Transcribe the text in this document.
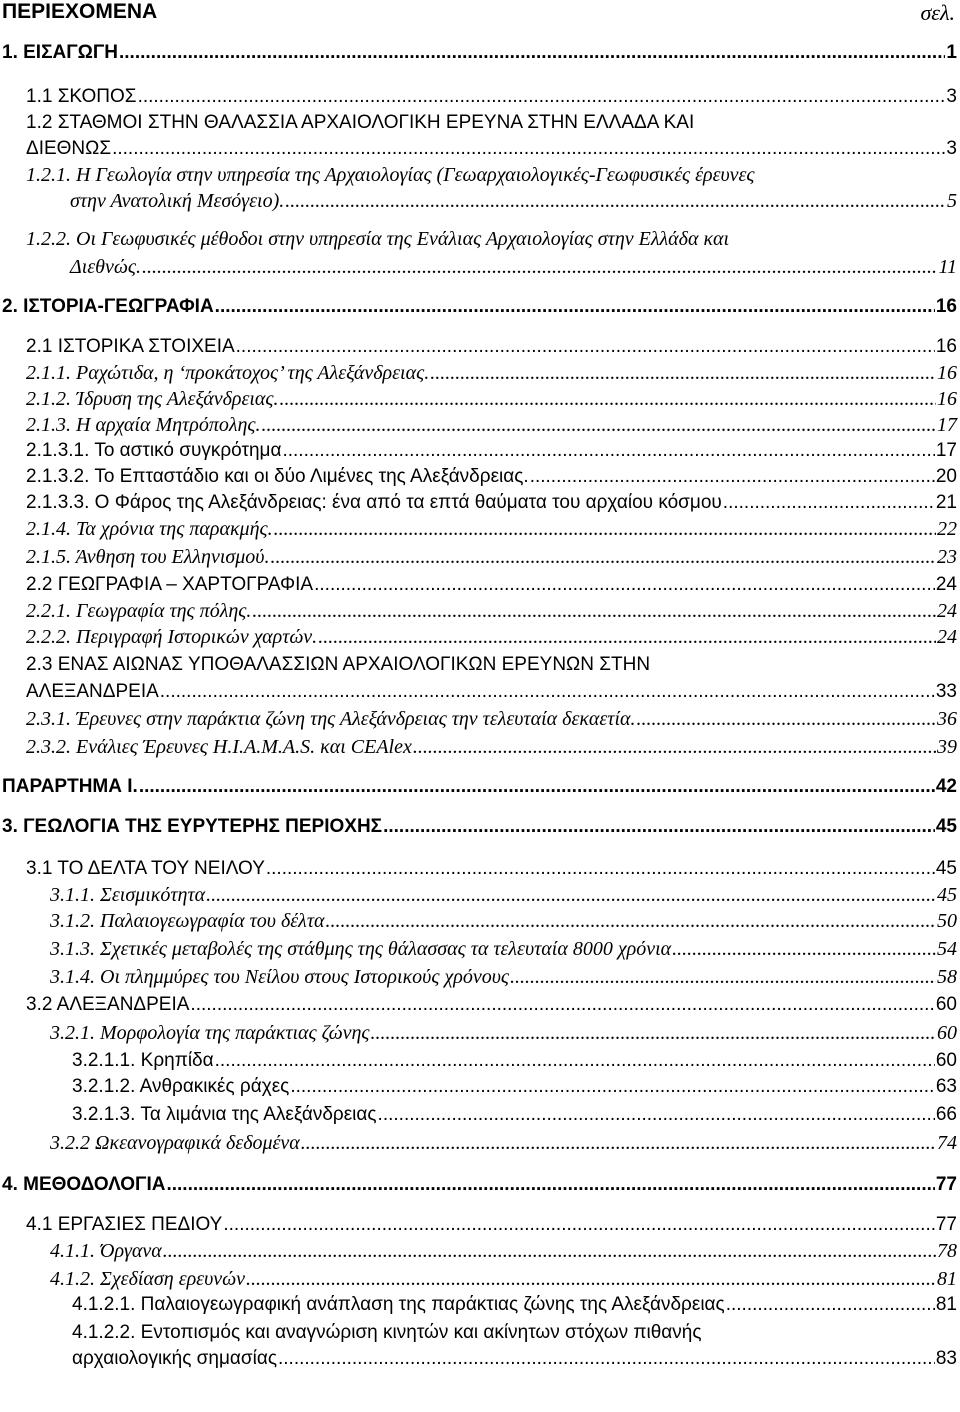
ΠΕΡΙΕΧΟΜΕΝΑ	σελ.
1. ΕΙΣΑΓΩΓΗ .....	1
1.1 ΣΚΟΠΟΣ .....	3
1.2 ΣΤΑΘΜΟΙ ΣΤΗΝ ΘΑΛΑΣΣΙΑ ΑΡΧΑΙΟΛΟΓΙΚΗ ΕΡΕΥΝΑ ΣΤΗΝ ΕΛΛΑΔΑ ΚΑΙ
ΔΙΕΘΝΩΣ .....	3
1.2.1. Η Γεωλογία στην υπηρεσία της Αρχαιολογίας (Γεωαρχαιολογικές-Γεωφυσικές έρευνες
στην Ανατολική Μεσόγειο). .....	5
1.2.2. Οι Γεωφυσικές μέθοδοι στην υπηρεσία της Ενάλιας Αρχαιολογίας στην Ελλάδα και
Διεθνώς. .....	11
2. ΙΣΤΟΡΙΑ-ΓΕΩΓΡΑΦΙΑ .....	16
2.1 ΙΣΤΟΡΙΚΑ ΣΤΟΙΧΕΙΑ .....	16
2.1.1. Ραχώτιδα, η ‘προκάτοχος’ της Αλεξάνδρειας. .....	16
2.1.2. Ίδρυση της Αλεξάνδρειας. .....	16
2.1.3. Η αρχαία Μητρόπολης. .....	17
2.1.3.1. Το αστικό συγκρότημα .....	17
2.1.3.2. Το Επταστάδιο και οι δύο Λιμένες της Αλεξάνδρειας. .....	20
2.1.3.3. Ο Φάρος της Αλεξάνδρειας: ένα από τα επτά θαύματα του αρχαίου κόσμου .....	21
2.1.4. Τα χρόνια της παρακμής. .....	22
2.1.5. Άνθηση του Ελληνισμού. .....	23
2.2 ΓΕΩΓΡΑΦΙΑ – ΧΑΡΤΟΓΡΑΦΙΑ .....	24
2.2.1. Γεωγραφία της πόλης. .....	24
2.2.2. Περιγραφή Ιστορικών χαρτών. .....	24
2.3 ΕΝΑΣ ΑΙΩΝΑΣ ΥΠΟΘΑΛΑΣΣΙΩΝ ΑΡΧΑΙΟΛΟΓΙΚΩΝ ΕΡΕΥΝΩΝ ΣΤΗΝ
ΑΛΕΞΑΝΔΡΕΙΑ .....	33
2.3.1. Έρευνες στην παράκτια ζώνη της Αλεξάνδρειας την τελευταία δεκαετία. .....	36
2.3.2. Ενάλιες Έρευνες Η.Ι.Α.Μ.Α.S. και CEAlex .....	39
ΠΑΡΑΡΤΗΜΑ Ι. .....	42
3. ΓΕΩΛΟΓΙΑ ΤΗΣ ΕΥΡΥΤΕΡΗΣ ΠΕΡΙΟΧΗΣ .....	45
3.1 ΤΟ ΔΕΛΤΑ ΤΟΥ ΝΕΙΛΟΥ .....	45
3.1.1. Σεισμικότητα .....	45
3.1.2. Παλαιογεωγραφία του δέλτα .....	50
3.1.3. Σχετικές μεταβολές της στάθμης της θάλασσας τα τελευταία 8000 χρόνια .....	54
3.1.4. Οι πλημμύρες του Νείλου στους Ιστορικούς χρόνους .....	58
3.2 ΑΛΕΞΑΝΔΡΕΙΑ .....	60
3.2.1. Μορφολογία της παράκτιας ζώνης .....	60
3.2.1.1. Κρηπίδα .....	60
3.2.1.2. Ανθρακικές ράχες .....	63
3.2.1.3. Τα λιμάνια της Αλεξάνδρειας .....	66
3.2.2 Ωκεανογραφικά δεδομένα .....	74
4. ΜΕΘΟΔΟΛΟΓΙΑ .....	77
4.1 ΕΡΓΑΣΙΕΣ ΠΕΔΙΟΥ .....	77
4.1.1. Όργανα .....	78
4.1.2. Σχεδίαση ερευνών .....	81
4.1.2.1. Παλαιογεωγραφική ανάπλαση της παράκτιας ζώνης της Αλεξάνδρειας .....	81
4.1.2.2. Εντοπισμός και αναγνώριση κινητών και ακίνητων στόχων πιθανής
αρχαιολογικής σημασίας .....	83
